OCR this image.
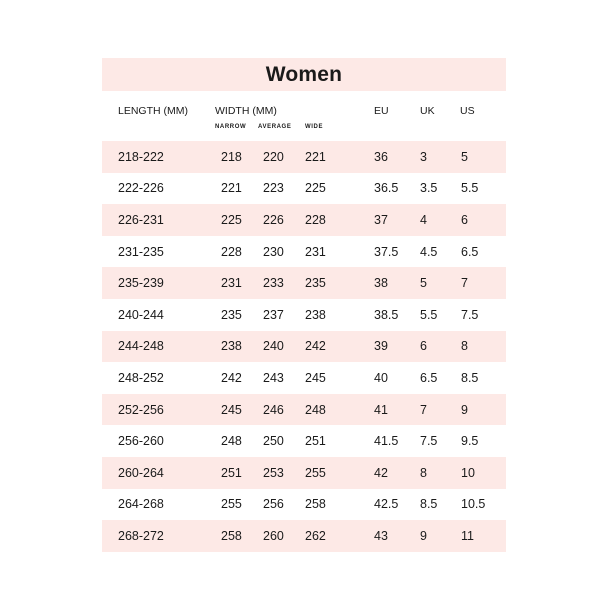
Women
LENGTH (MM)	WIDTH (MM)
NARROW AVERAGE WIDE
EU	UK US
218-222	218 220 221	36	3	5
222-226	221 223 225	36.5 3.5 5.5
226-231	225 226 228	37	4	6
231-235	228 230 231	37.5 4.5 6.5
235-239	231 233 235	38	5	7
240-244	235 237 238	38.5 5.5 7.5
244-248	238 240 242	39	6	8
248-252	242 243 245	40	6.5 8.5
252-256	245 246 248	41	7	9
256-260	248 250 251	41.5 7.5 9.5
260-264	251 253 255	42	8	10
264-268	255 256 258	42.5 8.5 10.5
268-272	258 260 262	43	9	11
